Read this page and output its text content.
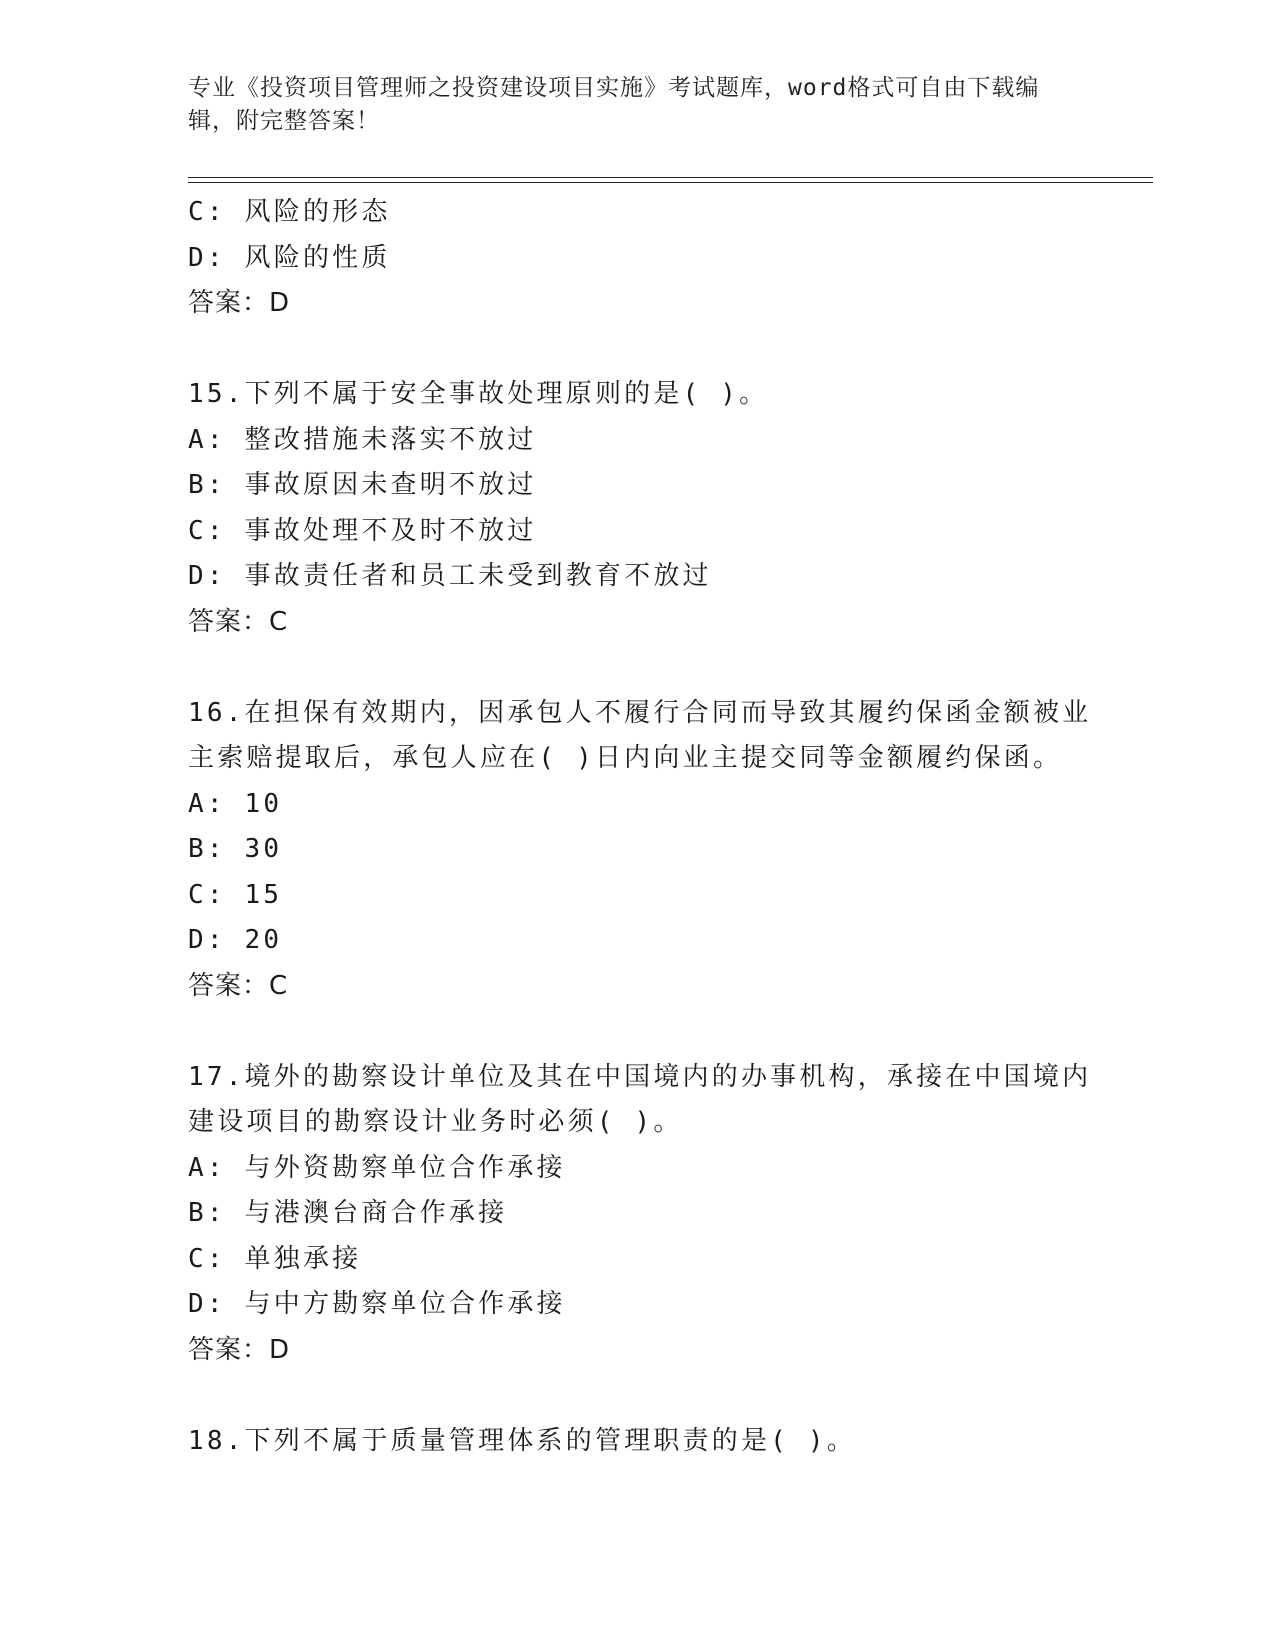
专业《投资项目管理师之投资建设项目实施》考试题库，word格式可自由下载编
辑，附完整答案！
C: 风险的形态
D: 风险的性质
答案：D
15.下列不属于安全事故处理原则的是( )。
A: 整改措施未落实不放过
B: 事故原因未查明不放过
C: 事故处理不及时不放过
D: 事故责任者和员工未受到教育不放过
答案：C
16.在担保有效期内，因承包人不履行合同而导致其履约保函金额被业
主索赔提取后，承包人应在( )日内向业主提交同等金额履约保函。
A: 10
B: 30
C: 15
D: 20
答案：C
17.境外的勘察设计单位及其在中国境内的办事机构，承接在中国境内
建设项目的勘察设计业务时必须( )。
A: 与外资勘察单位合作承接
B: 与港澳台商合作承接
C: 单独承接
D: 与中方勘察单位合作承接
答案：D
18.下列不属于质量管理体系的管理职责的是( )。
